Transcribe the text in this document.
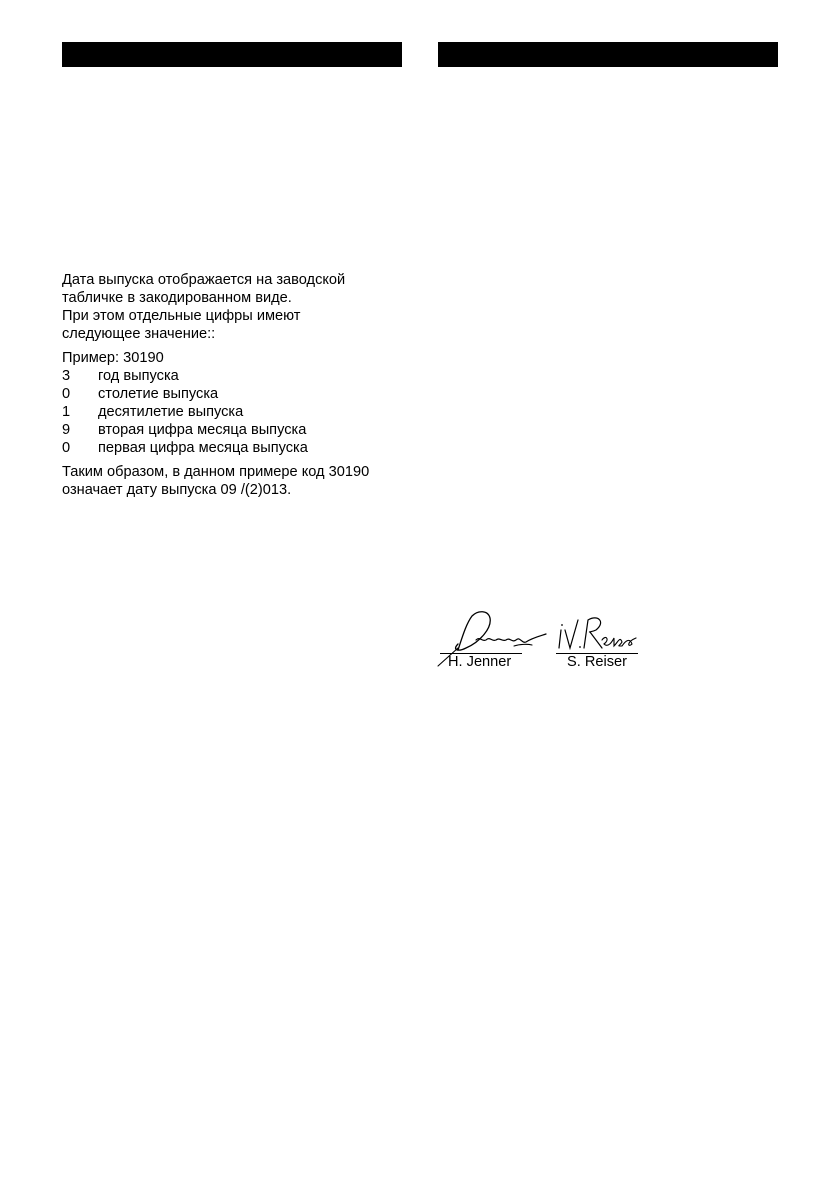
Дата выпуска отображается на заводской

табличке в закодированном виде.

При этом отдельные цифры имеют

следующее значение::

Пример: 30190

3	год выпуска
0	столетие выпуска
1	десятилетие выпуска
9	вторая цифра месяца выпуска
0	первая цифра месяца выпуска

Таким образом, в данном примере код 30190

означает дату выпуска 09 /(2)013.

H. Jenner	S. Reiser
